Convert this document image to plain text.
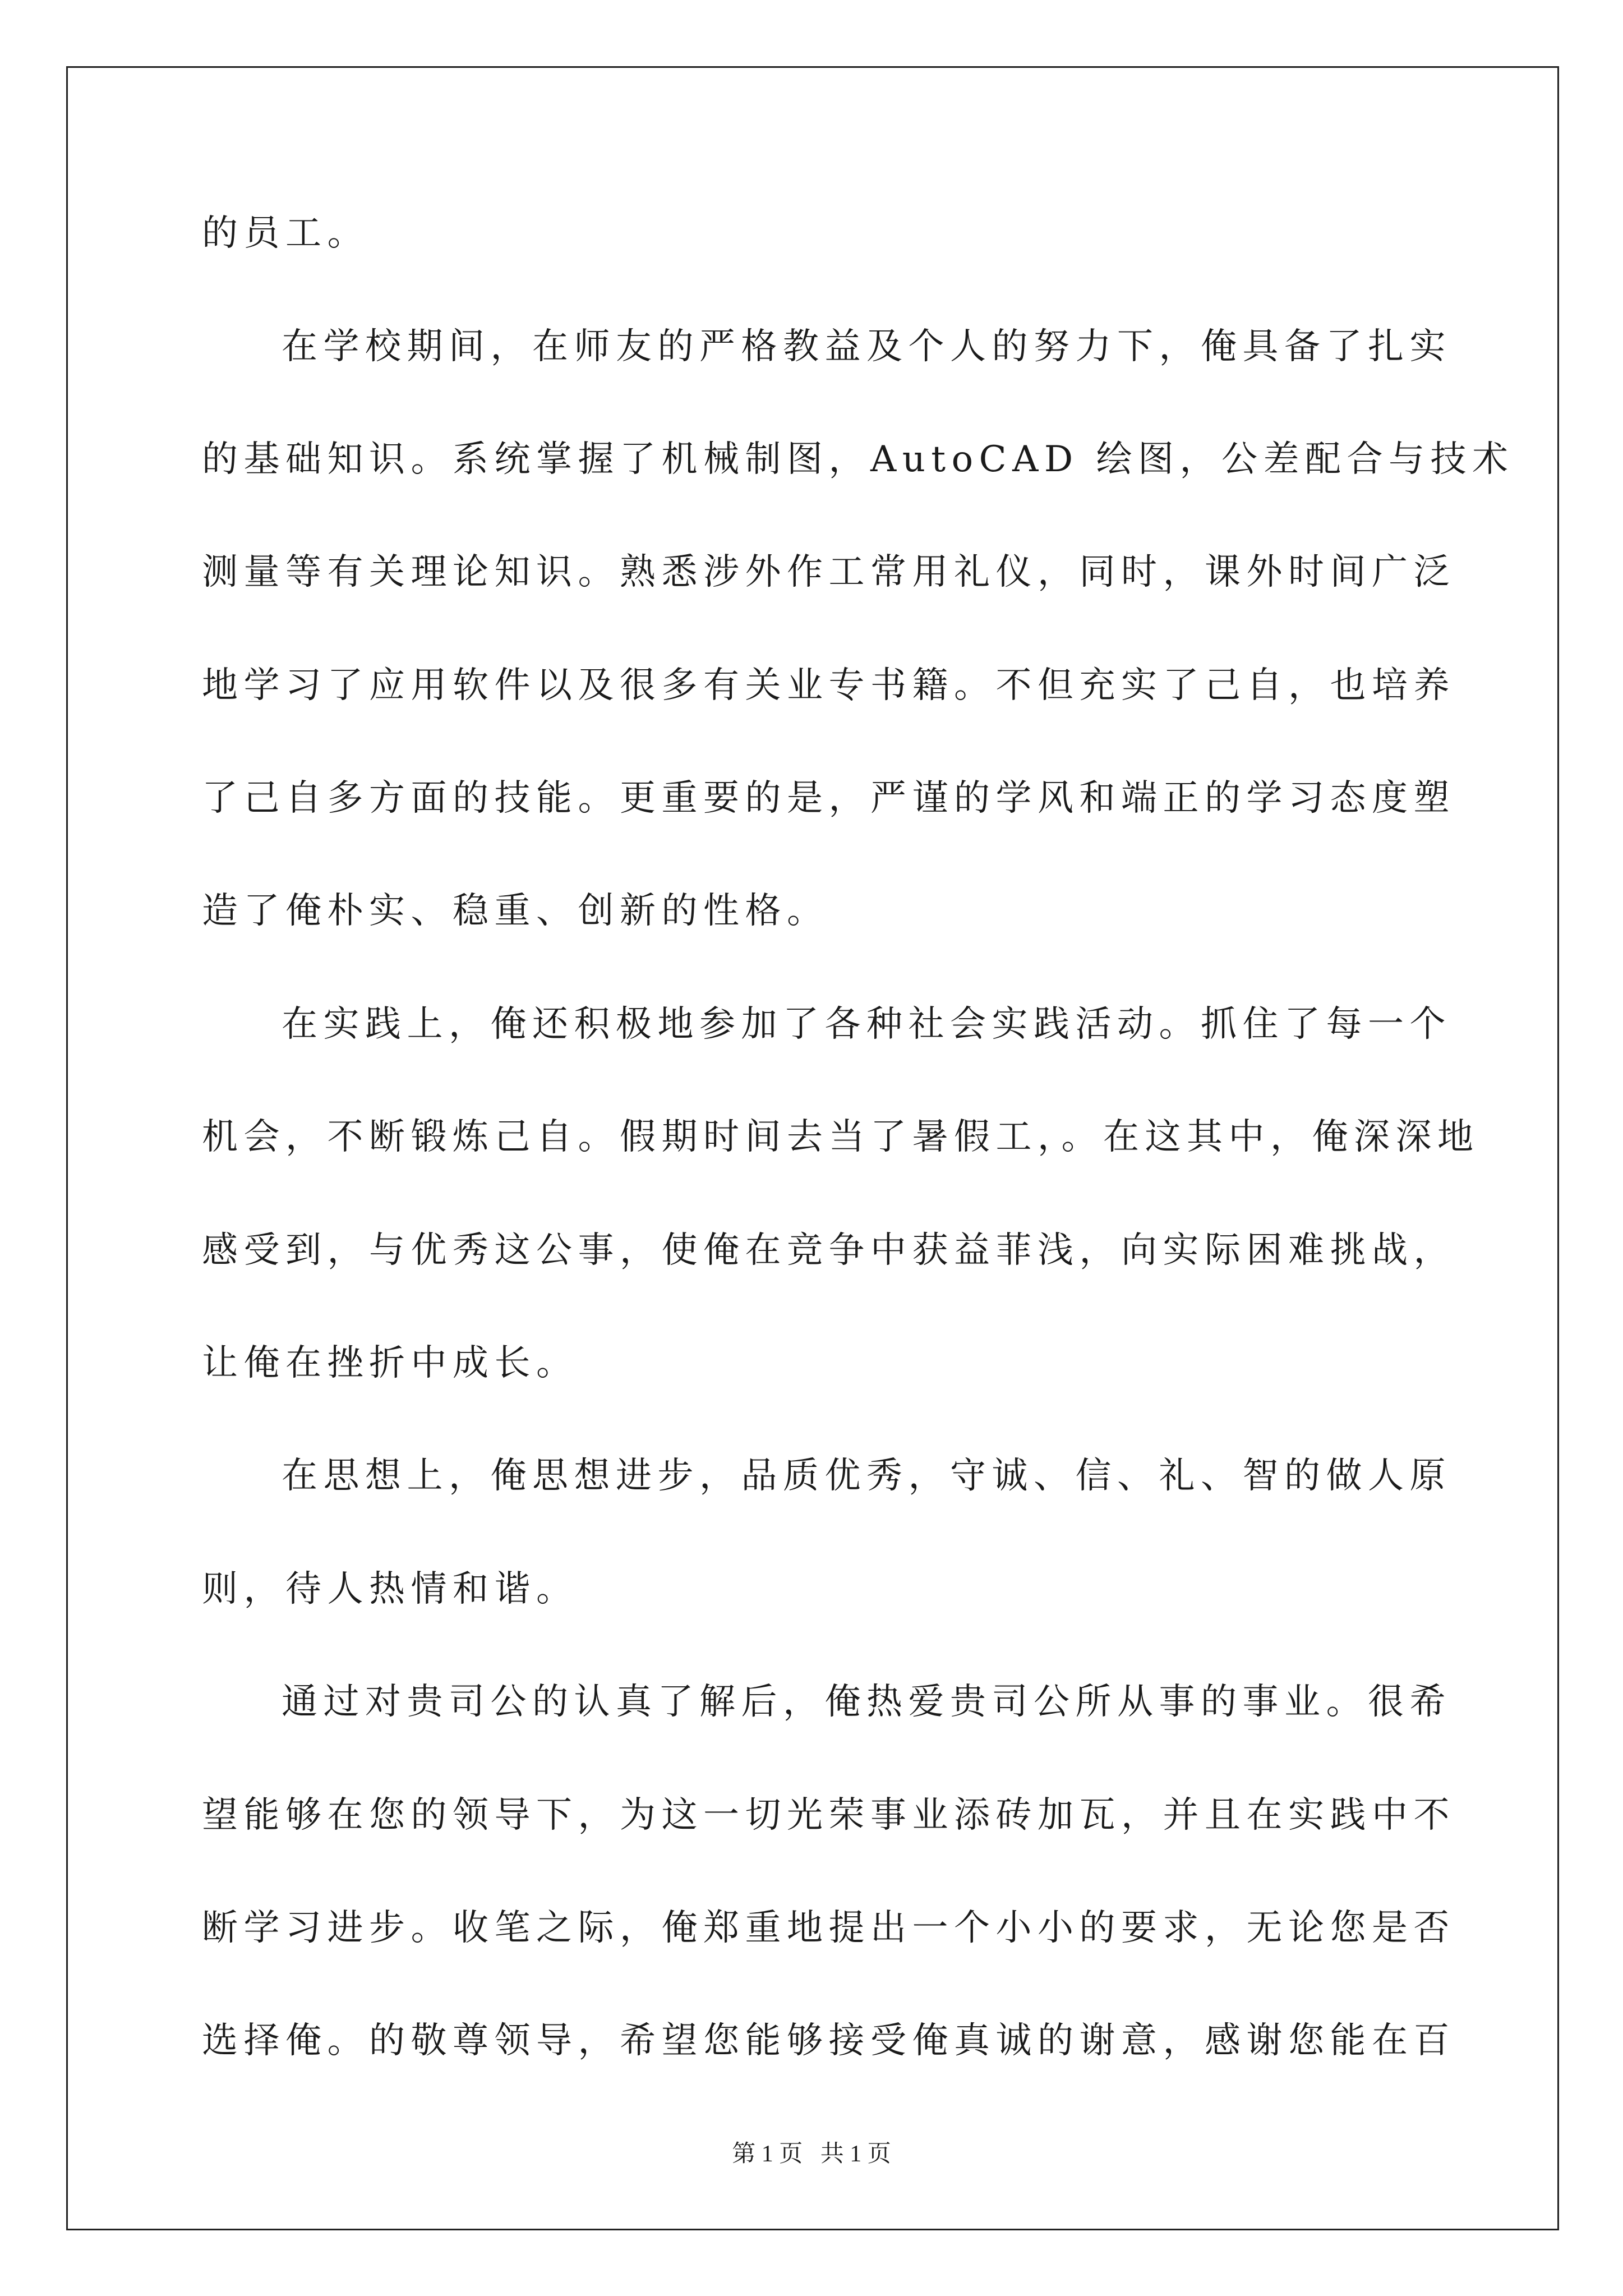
的员工。
在学校期间，在师友的严格教益及个人的努力下，俺具备了扎实
的基础知识。系统掌握了机械制图，AutoCAD 绘图，公差配合与技术
测量等有关理论知识。熟悉涉外作工常用礼仪，同时，课外时间广泛
地学习了应用软件以及很多有关业专书籍。不但充实了己自，也培养
了己自多方面的技能。更重要的是，严谨的学风和端正的学习态度塑
造了俺朴实、稳重、创新的性格。
在实践上，俺还积极地参加了各种社会实践活动。抓住了每一个
机会，不断锻炼己自。假期时间去当了暑假工，。在这其中，俺深深地
感受到，与优秀这公事，使俺在竞争中获益菲浅，向实际困难挑战，
让俺在挫折中成长。
在思想上，俺思想进步，品质优秀，守诚、信、礼、智的做人原
则，待人热情和谐。
通过对贵司公的认真了解后，俺热爱贵司公所从事的事业。很希
望能够在您的领导下，为这一切光荣事业添砖加瓦，并且在实践中不
断学习进步。收笔之际，俺郑重地提出一个小小的要求，无论您是否
选择俺。的敬尊领导，希望您能够接受俺真诚的谢意，感谢您能在百
第 1 页   共 1 页
